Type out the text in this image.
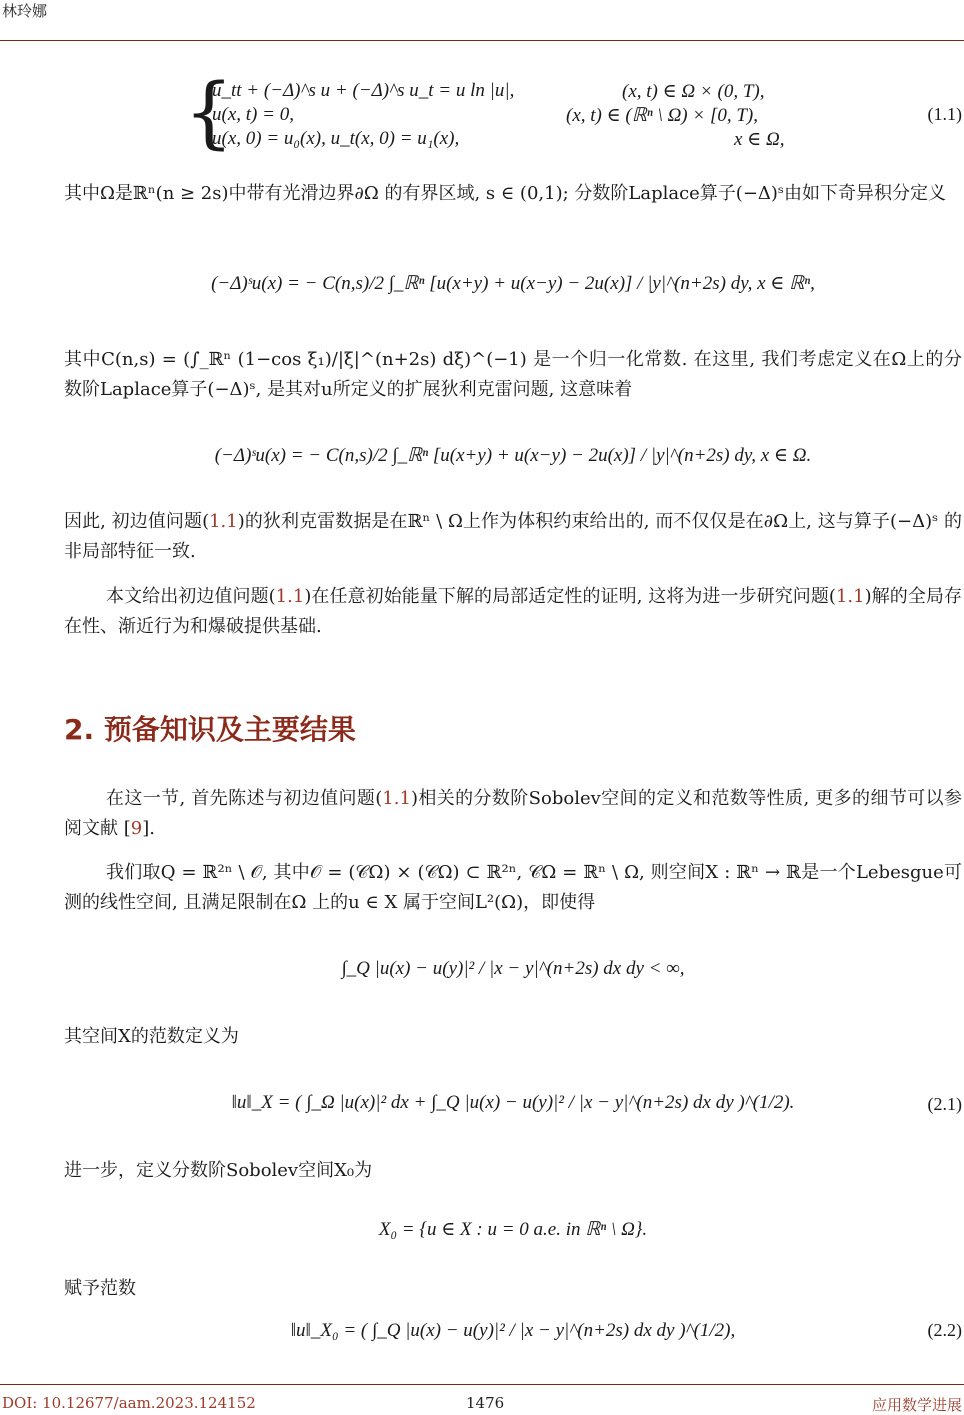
林玲娜
{
u_tt + (−Δ)^s u + (−Δ)^s u_t = u ln |u|,	(x, t) ∈ Ω × (0, T),
u(x, t) = 0,	(x, t) ∈ (ℝⁿ \ Ω) × [0, T),
u(x, 0) = u₀(x), u_t(x, 0) = u₁(x),	x ∈ Ω,
(1.1)
其中Ω是ℝⁿ(n ≥ 2s)中带有光滑边界∂Ω 的有界区域, s ∈ (0,1); 分数阶Laplace算子(−Δ)ˢ由如下奇异积分定义
(−Δ)ˢu(x) = − C(n,s)/2 ∫_ℝⁿ [u(x+y) + u(x−y) − 2u(x)] / |y|^(n+2s) dy, x ∈ ℝⁿ,
其中C(n,s) = (∫_ℝⁿ (1−cos ξ₁)/|ξ|^(n+2s) dξ)^(−1) 是一个归一化常数. 在这里, 我们考虑定义在Ω上的分数阶Laplace算子(−Δ)ˢ, 是其对u所定义的扩展狄利克雷问题, 这意味着
(−Δ)ˢu(x) = − C(n,s)/2 ∫_ℝⁿ [u(x+y) + u(x−y) − 2u(x)] / |y|^(n+2s) dy, x ∈ Ω.
因此, 初边值问题(1.1)的狄利克雷数据是在ℝⁿ \ Ω上作为体积约束给出的, 而不仅仅是在∂Ω上, 这与算子(−Δ)ˢ 的非局部特征一致.
本文给出初边值问题(1.1)在任意初始能量下解的局部适定性的证明, 这将为进一步研究问题(1.1)解的全局存在性、渐近行为和爆破提供基础.
2. 预备知识及主要结果
在这一节, 首先陈述与初边值问题(1.1)相关的分数阶Sobolev空间的定义和范数等性质, 更多的细节可以参阅文献 [9].
我们取Q = ℝ²ⁿ \ 𝒪, 其中𝒪 = (𝒞Ω) × (𝒞Ω) ⊂ ℝ²ⁿ, 𝒞Ω = ℝⁿ \ Ω, 则空间X : ℝⁿ → ℝ是一个Lebesgue可测的线性空间, 且满足限制在Ω 上的u ∈ X 属于空间L²(Ω)，即使得
∫_Q |u(x) − u(y)|² / |x − y|^(n+2s) dx dy < ∞,
其空间X的范数定义为
‖u‖_X = ( ∫_Ω |u(x)|² dx + ∫_Q |u(x) − u(y)|² / |x − y|^(n+2s) dx dy )^(1/2).	(2.1)
进一步，定义分数阶Sobolev空间X₀为
X₀ = {u ∈ X : u = 0 a.e. in ℝⁿ \ Ω}.
赋予范数
‖u‖_X₀ = ( ∫_Q |u(x) − u(y)|² / |x − y|^(n+2s) dx dy )^(1/2),	(2.2)
DOI: 10.12677/aam.2023.124152	1476	应用数学进展
